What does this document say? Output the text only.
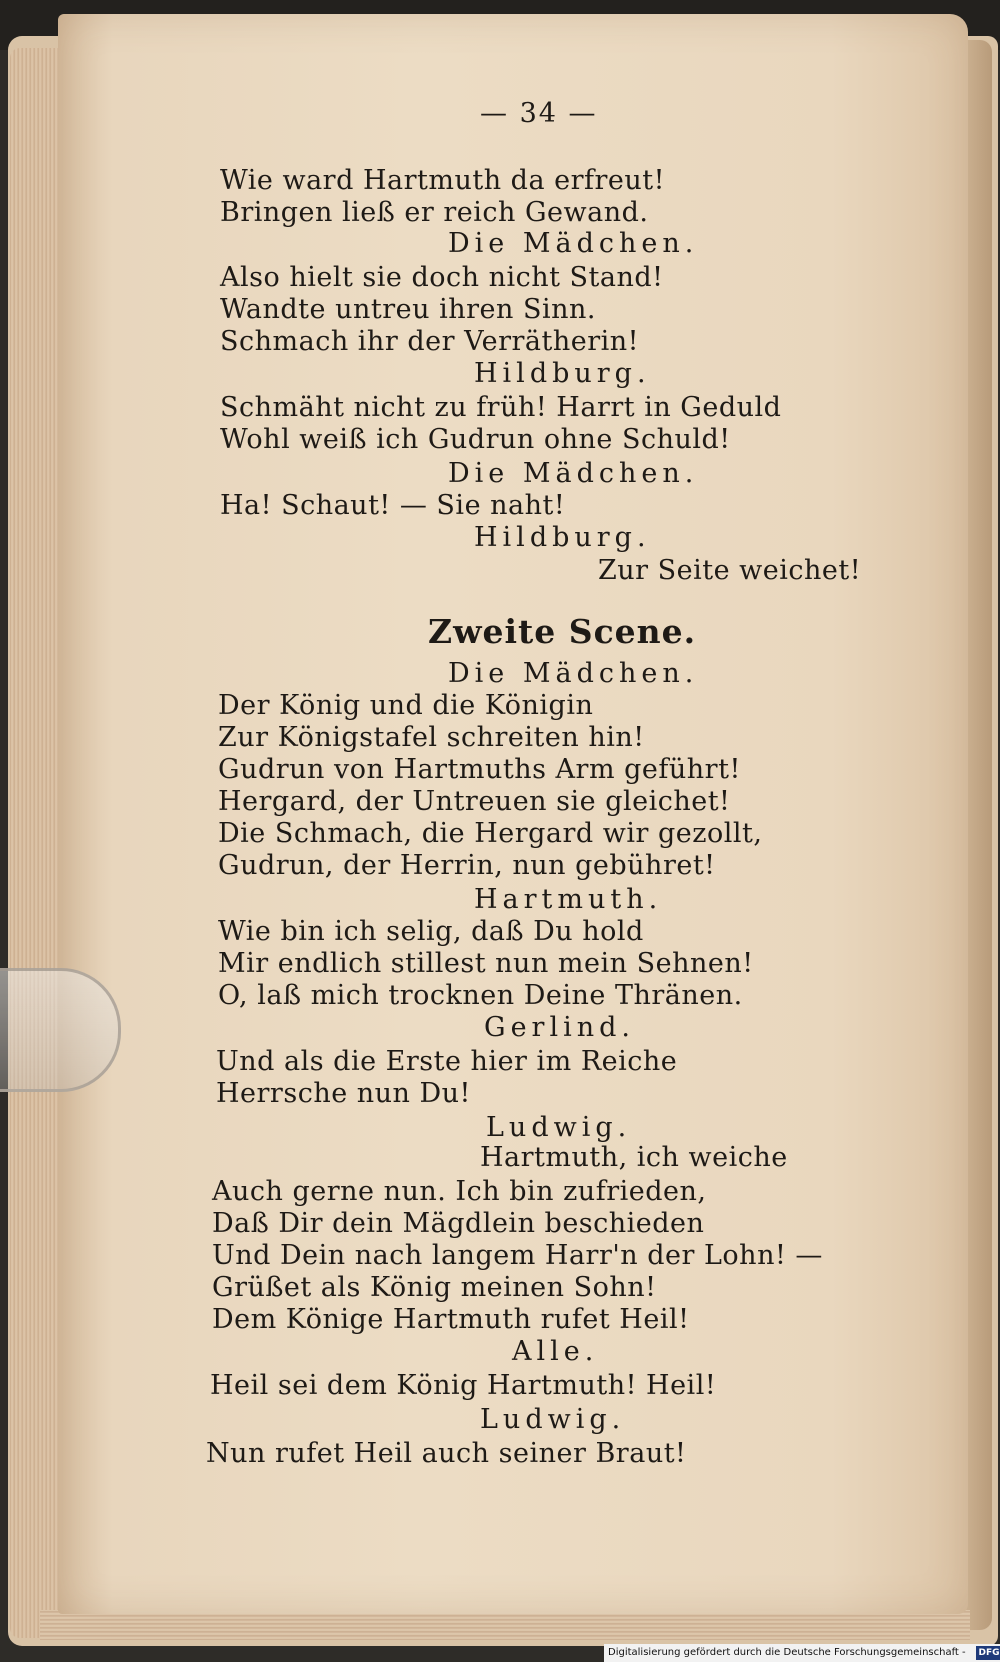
— 34 —
Wie ward Hartmuth da erfreut!
Bringen ließ er reich Gewand.
Die Mädchen.
Also hielt sie doch nicht Stand!
Wandte untreu ihren Sinn.
Schmach ihr der Verrätherin!
Hildburg.
Schmäht nicht zu früh! Harrt in Geduld
Wohl weiß ich Gudrun ohne Schuld!
Die Mädchen.
Ha! Schaut! — Sie naht!
Hildburg.
Zur Seite weichet!
Zweite Scene.
Die Mädchen.
Der König und die Königin
Zur Königstafel schreiten hin!
Gudrun von Hartmuths Arm geführt!
Hergard, der Untreuen sie gleichet!
Die Schmach, die Hergard wir gezollt,
Gudrun, der Herrin, nun gebühret!
Hartmuth.
Wie bin ich selig, daß Du hold
Mir endlich stillest nun mein Sehnen!
O, laß mich trocknen Deine Thränen.
Gerlind.
Und als die Erste hier im Reiche
Herrsche nun Du!
Ludwig.
Hartmuth, ich weiche
Auch gerne nun. Ich bin zufrieden,
Daß Dir dein Mägdlein beschieden
Und Dein nach langem Harr'n der Lohn! —
Grüßet als König meinen Sohn!
Dem Könige Hartmuth rufet Heil!
Alle.
Heil sei dem König Hartmuth! Heil!
Ludwig.
Nun rufet Heil auch seiner Braut!
Digitalisierung gefördert durch die Deutsche Forschungsgemeinschaft - DFG
